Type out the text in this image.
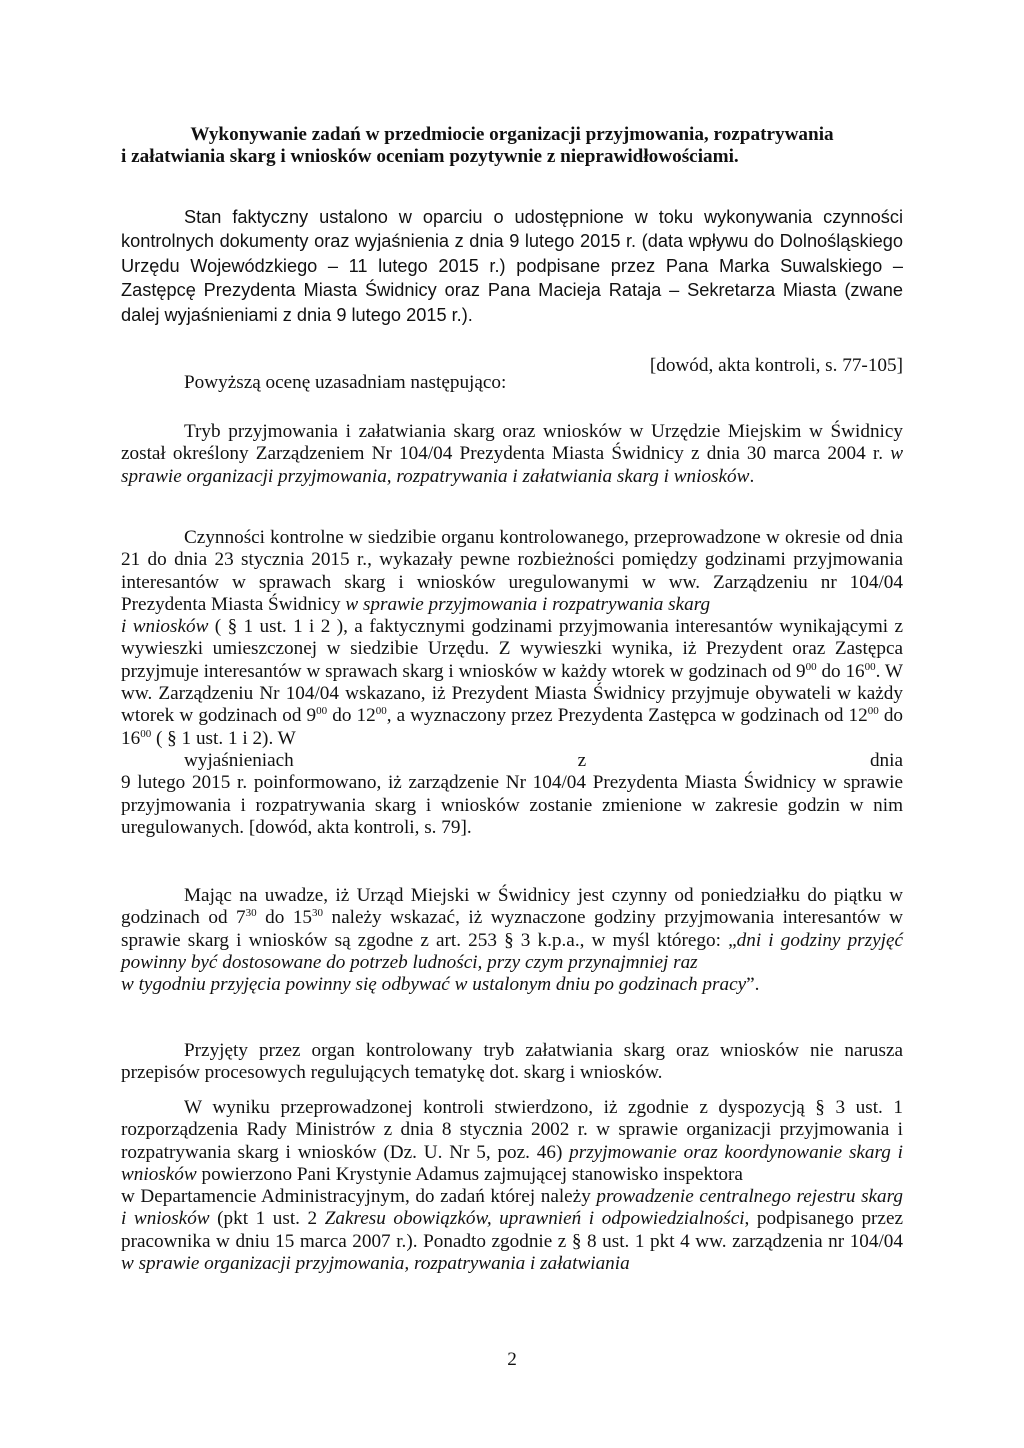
Wykonywanie zadań w przedmiocie organizacji przyjmowania, rozpatrywania
i załatwiania skarg i wniosków oceniam pozytywnie z nieprawidłowościami.

Stan faktyczny ustalono w oparciu o udostępnione w toku wykonywania czynności kontrolnych dokumenty oraz wyjaśnienia z dnia 9 lutego 2015 r. (data wpływu do Dolnośląskiego Urzędu Wojewódzkiego – 11 lutego 2015 r.) podpisane przez Pana Marka Suwalskiego – Zastępcę Prezydenta Miasta Świdnicy oraz Pana Macieja Rataja – Sekretarza Miasta (zwane dalej wyjaśnieniami z dnia 9 lutego 2015 r.).

[dowód, akta kontroli, s. 77-105]

Powyższą ocenę uzasadniam następująco:

Tryb przyjmowania i załatwiania skarg oraz wniosków w Urzędzie Miejskim w Świdnicy został określony Zarządzeniem Nr 104/04 Prezydenta Miasta Świdnicy z dnia 30 marca 2004 r. w sprawie organizacji przyjmowania, rozpatrywania i załatwiania skarg i wniosków.

Czynności kontrolne w siedzibie organu kontrolowanego, przeprowadzone w okresie od dnia 21 do dnia 23 stycznia 2015 r., wykazały pewne rozbieżności pomiędzy godzinami przyjmowania interesantów w sprawach skarg i wniosków uregulowanymi w ww. Zarządzeniu nr 104/04 Prezydenta Miasta Świdnicy w sprawie przyjmowania i rozpatrywania skarg
i wniosków ( § 1 ust. 1 i 2 ), a faktycznymi godzinami przyjmowania interesantów wynikającymi z wywieszki umieszczonej w siedzibie Urzędu. Z wywieszki wynika, iż Prezydent oraz Zastępca przyjmuje interesantów w sprawach skarg i wniosków w każdy wtorek w godzinach od $9^{00}$ do $16^{00}$. W ww. Zarządzeniu Nr 104/04 wskazano, iż Prezydent Miasta Świdnicy przyjmuje obywateli w każdy wtorek w godzinach od $9^{00}$ do $12^{00}$, a wyznaczony przez Prezydenta Zastępca w godzinach od $12^{00}$ do $16^{00}$ ( § 1 ust. 1 i 2). W
wyjaśnieniach	z	dnia
9 lutego 2015 r. poinformowano, iż zarządzenie Nr 104/04 Prezydenta Miasta Świdnicy w sprawie przyjmowania i rozpatrywania skarg i wniosków zostanie zmienione w zakresie godzin w nim uregulowanych. [dowód, akta kontroli, s. 79].

Mając na uwadze, iż Urząd Miejski w Świdnicy jest czynny od poniedziałku do piątku w godzinach od $7^{30}$ do $15^{30}$ należy wskazać, iż wyznaczone godziny przyjmowania interesantów w sprawie skarg i wniosków są zgodne z art. 253 § 3 k.p.a., w myśl którego: „dni i godziny przyjęć powinny być dostosowane do potrzeb ludności, przy czym przynajmniej raz
w tygodniu przyjęcia powinny się odbywać w ustalonym dniu po godzinach pracy”.

Przyjęty przez organ kontrolowany tryb załatwiania skarg oraz wniosków nie narusza przepisów procesowych regulujących tematykę dot. skarg i wniosków.

W wyniku przeprowadzonej kontroli stwierdzono, iż zgodnie z dyspozycją § 3 ust. 1 rozporządzenia Rady Ministrów z dnia 8 stycznia 2002 r. w sprawie organizacji przyjmowania i rozpatrywania skarg i wniosków (Dz. U. Nr 5, poz. 46) przyjmowanie oraz koordynowanie skarg i wniosków powierzono Pani Krystynie Adamus zajmującej stanowisko inspektora
w Departamencie Administracyjnym, do zadań której należy prowadzenie centralnego rejestru skarg i wniosków (pkt 1 ust. 2 Zakresu obowiązków, uprawnień i odpowiedzialności, podpisanego przez pracownika w dniu 15 marca 2007 r.). Ponadto zgodnie z § 8 ust. 1 pkt 4 ww. zarządzenia nr 104/04 w sprawie organizacji przyjmowania, rozpatrywania i załatwiania

2
